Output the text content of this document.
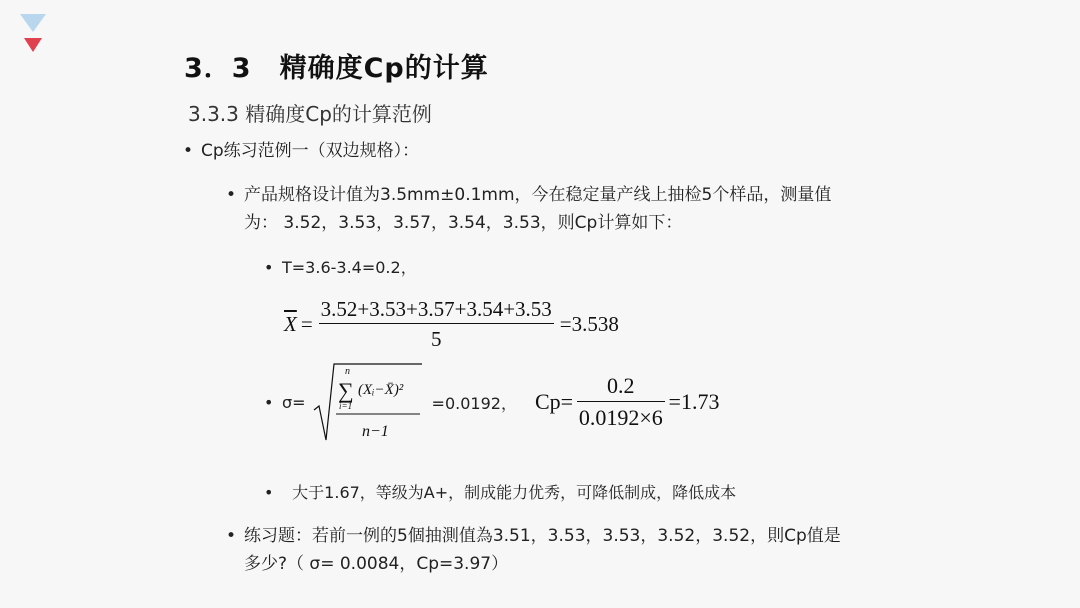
3．3　精确度Cp的计算
3.3.3 精确度Cp的计算范例
• Cp练习范例一（双边规格）：
• 产品规格设计值为3.5mm±0.1mm，今在稳定量产线上抽检5个样品，测量值
为： 3.52，3.53，3.57，3.54，3.53，则Cp计算如下：
• T=3.6-3.4=0.2，
$\overline{X} = \frac{3.52+3.53+3.57+3.54+3.53}{5} =3.538$
• σ=
n
∑
i=1
(Xᵢ−X̄)²
n−1
=0.0192， $Cp= \frac{0.2}{0.0192\times 6} =1.73$
• 大于1.67，等级为A+，制成能力优秀，可降低制成，降低成本
• 练习题：若前一例的5個抽測值為3.51，3.53，3.53，3.52，3.52，則Cp值是
多少?（ σ= 0.0084，Cp=3.97）
